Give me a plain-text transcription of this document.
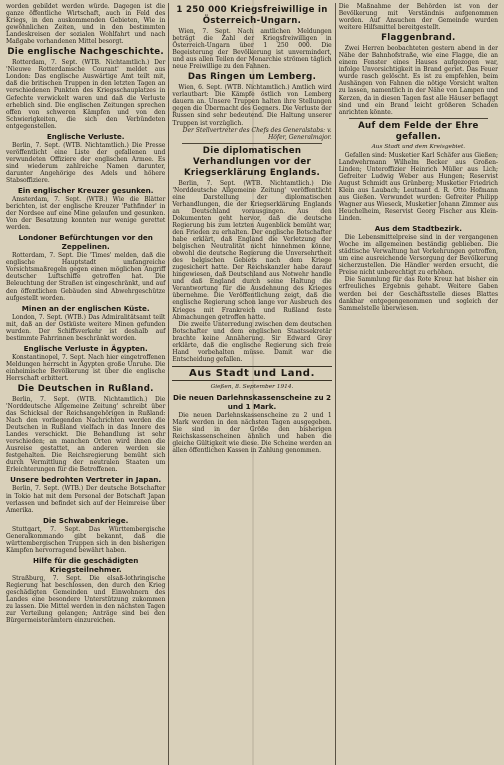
worden gebildet werden würde. Dagegen ist die ganze öffentliche Wirtschaft, auch in Feld des Kriegs, in den auskommenden Gebieten, Wie in gewöhnlichen Zeiten, und in den bestimmten Landeskreisen der sozialen Wohlfahrt und nach Maßgabe vorhandenen Mittel besorgt.

Die englische Nachgeschichte.

Rotterdam, 7. Sept. (WTB. Nichtamtlich.) Der 'Nieuwe Rotterdamsche Courant' meldet aus London: Das englische Auswärtige Amt teilt mit, daß die britischen Truppen in den letzten Tagen an verschiedenen Punkten des Kriegsschauplatzes in Gefechte verwickelt waren und daß die Verluste erheblich sind. Die englischen Zeitungen sprechen offen von schweren Kämpfen und von den Schwierigkeiten, die sich den Verbündeten entgegenstellen.

Englische Verluste.

Berlin, 7. Sept. (WTB. Nichtamtlich.) Die Presse veröffentlicht eine Liste der gefallenen und verwundeten Offiziere der englischen Armee. Es sind wiederum zahlreiche Namen darunter, darunter Angehörige des Adels und höhere Stabsoffiziere.

Ein englischer Kreuzer gesunken.

Amsterdam, 7. Sept. (WTB.) Wie die Blätter berichten, ist der englische Kreuzer 'Pathfinder' in der Nordsee auf eine Mine gelaufen und gesunken. Von der Besatzung konnten nur wenige gerettet werden.

Londoner Befürchtungen vor den Zeppelinen.

Rotterdam, 7. Sept. Die 'Times' melden, daß die englische Hauptstadt umfangreiche Vorsichtsmaßregeln gegen einen möglichen Angriff deutscher Luftschiffe getroffen hat. Die Beleuchtung der Straßen ist eingeschränkt, und auf den öffentlichen Gebäuden sind Abwehrgeschütze aufgestellt worden.

Minen an der englischen Küste.

London, 7. Sept. (WTB.) Das Admiralitätsamt teilt mit, daß an der Ostküste weitere Minen gefunden wurden. Der Schiffsverkehr ist deshalb auf bestimmte Fahrrinnen beschränkt worden.

Englische Verluste in Ägypten.

Konstantinopel, 7. Sept. Nach hier eingetroffenen Meldungen herrscht in Ägypten große Unruhe. Die einheimische Bevölkerung ist über die englische Herrschaft erbittert.

Die Deutschen in Rußland.

Berlin, 7. Sept. (WTB. Nichtamtlich.) Die 'Norddeutsche Allgemeine Zeitung' schreibt über das Schicksal der Reichsangehörigen in Rußland: Nach den vorliegenden Nachrichten werden die Deutschen in Rußland vielfach in das Innere des Landes verschickt. Die Behandlung ist sehr verschieden; an manchen Orten wird ihnen die Ausreise gestattet, an anderen werden sie festgehalten. Die Reichsregierung bemüht sich durch Vermittlung der neutralen Staaten um Erleichterungen für die Betroffenen.

Unsere bedrohten Vertreter in Japan.

Berlin, 7. Sept. (WTB.) Der deutsche Botschafter in Tokio hat mit dem Personal der Botschaft Japan verlassen und befindet sich auf der Heimreise über Amerika.

Die Schwabenkriege.

Stuttgart, 7. Sept. Das Württembergische Generalkommando gibt bekannt, daß die württembergischen Truppen sich in den bisherigen Kämpfen hervorragend bewährt haben.

Hilfe für die geschädigten Kriegsteilnehmer.

Straßburg, 7. Sept. Die elsaß-lothringische Regierung hat beschlossen, den durch den Krieg geschädigten Gemeinden und Einwohnern des Landes eine besondere Unterstützung zukommen zu lassen. Die Mittel werden in den nächsten Tagen zur Verteilung gelangen; Anträge sind bei den Bürgermeisterämtern einzureichen.

1 250 000 Kriegsfreiwillige in Österreich-Ungarn.

Wien, 7. Sept. Nach amtlichen Meldungen beträgt die Zahl der Kriegsfreiwilligen in Österreich-Ungarn über 1 250 000. Die Begeisterung der Bevölkerung ist unvermindert, und aus allen Teilen der Monarchie strömen täglich neue Freiwillige zu den Fahnen.

Das Ringen um Lemberg.

Wien, 6. Sept. (WTB. Nichtamtlich.) Amtlich wird verlautbart: Die Kämpfe östlich von Lemberg dauern an. Unsere Truppen halten ihre Stellungen gegen die Übermacht des Gegners. Die Verluste der Russen sind sehr bedeutend. Die Haltung unserer Truppen ist vorzüglich.

Der Stellvertreter des Chefs des Generalstabs: v. Höfer, Generalmajor.

Die diplomatischen Verhandlungen vor der Kriegserklärung Englands.

Berlin, 7. Sept. (WTB. Nichtamtlich.) Die 'Norddeutsche Allgemeine Zeitung' veröffentlicht eine Darstellung der diplomatischen Verhandlungen, die der Kriegserklärung Englands an Deutschland vorausgingen. Aus den Dokumenten geht hervor, daß die deutsche Regierung bis zum letzten Augenblick bemüht war, den Frieden zu erhalten. Der englische Botschafter habe erklärt, daß England die Verletzung der belgischen Neutralität nicht hinnehmen könne, obwohl die deutsche Regierung die Unversehrtheit des belgischen Gebiets nach dem Kriege zugesichert hatte. Der Reichskanzler habe darauf hingewiesen, daß Deutschland aus Notwehr handle und daß England durch seine Haltung die Verantwortung für die Ausdehnung des Krieges übernehme. Die Veröffentlichung zeigt, daß die englische Regierung schon lange vor Ausbruch des Krieges mit Frankreich und Rußland feste Abmachungen getroffen hatte.

Die zweite Unterredung zwischen dem deutschen Botschafter und dem englischen Staatssekretär brachte keine Annäherung. Sir Edward Grey erklärte, daß die englische Regierung sich freie Hand vorbehalten müsse. Damit war die Entscheidung gefallen.

Aus Stadt und Land.
Gießen, 8. September 1914.
Die neuen Darlehnskassenscheine zu 2 und 1 Mark.

Die neuen Darlehnskassenscheine zu 2 und 1 Mark werden in den nächsten Tagen ausgegeben. Sie sind in der Größe den bisherigen Reichskassenscheinen ähnlich und haben die gleiche Gültigkeit wie diese. Die Scheine werden an allen öffentlichen Kassen in Zahlung genommen.

Die Maßnahme der Behörden ist von der Bevölkerung mit Verständnis aufgenommen worden. Auf Ansuchen der Gemeinde wurden weitere Hilfsmittel bereitgestellt.

Flaggenbrand.

Zwei Herren beobachteten gestern abend in der Nähe der Bahnhofstraße, wie eine Flagge, die an einem Fenster eines Hauses aufgezogen war, infolge Unvorsichtigkeit in Brand geriet. Das Feuer wurde rasch gelöscht. Es ist zu empfehlen, beim Aushängen von Fahnen die nötige Vorsicht walten zu lassen, namentlich in der Nähe von Lampen und Kerzen, da in diesen Tagen fast alle Häuser beflaggt sind und ein Brand leicht größeren Schaden anrichten könnte.

Auf dem Felde der Ehre gefallen.
Aus Stadt und dem Kreisgebiet.

Gefallen sind: Musketier Karl Schäfer aus Gießen; Landwehrmann Wilhelm Becker aus Großen-Linden; Unteroffizier Heinrich Müller aus Lich; Gefreiter Ludwig Weber aus Hungen; Reservist August Schmidt aus Grünberg; Musketier Friedrich Klein aus Laubach; Leutnant d. R. Otto Hofmann aus Gießen. Verwundet wurden: Gefreiter Philipp Wagner aus Wieseck, Musketier Johann Zimmer aus Heuchelheim, Reservist Georg Fischer aus Klein-Linden.

Aus dem Stadtbezirk.

Die Lebensmittelpreise sind in der vergangenen Woche im allgemeinen beständig geblieben. Die städtische Verwaltung hat Vorkehrungen getroffen, um eine ausreichende Versorgung der Bevölkerung sicherzustellen. Die Händler werden ersucht, die Preise nicht unberechtigt zu erhöhen.

Die Sammlung für das Rote Kreuz hat bisher ein erfreuliches Ergebnis gehabt. Weitere Gaben werden bei der Geschäftsstelle dieses Blattes dankbar entgegengenommen und sogleich der Sammelstelle überwiesen.
